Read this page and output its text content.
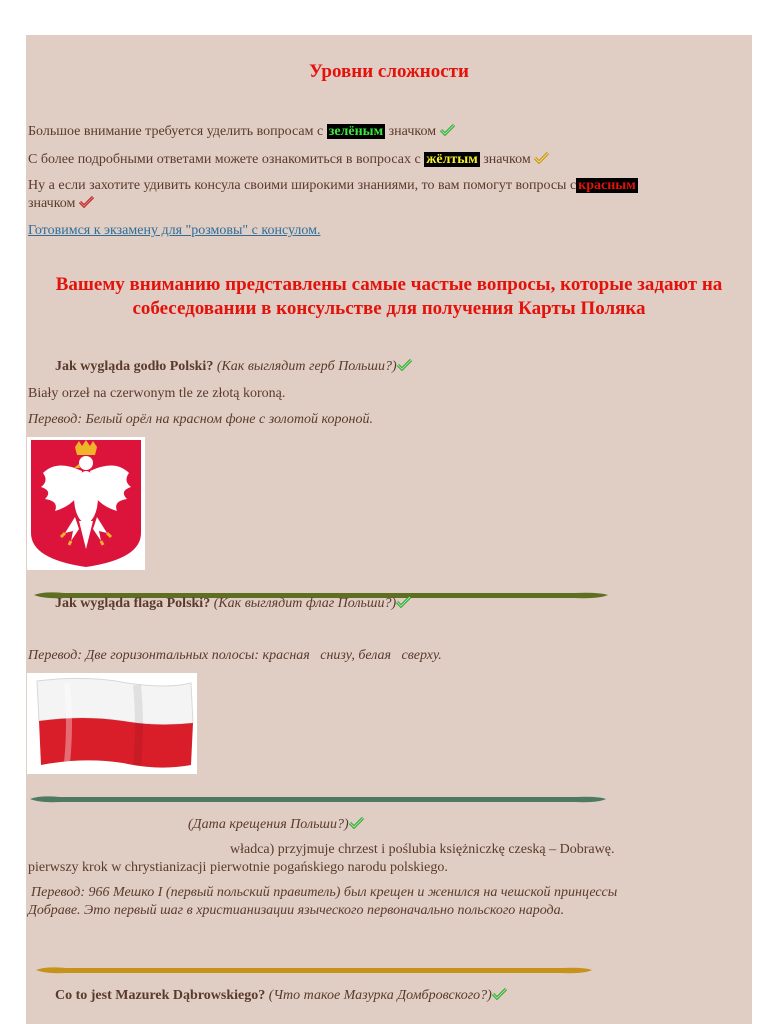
Уровни сложности
Большое внимание требуется уделить вопросам с зелёным значком
С более подробными ответами можете ознакомиться в вопросах с жёлтым значком
Ну а если захотите удивить консула своими широкими знаниями, то вам помогут вопросы с красным значком
Готовимся к экзамену для "розмовы" с консулом.
Вашему вниманию представлены самые частые вопросы, которые задают на собеседовании в консульстве для получения Карты Поляка
Jak wygląda godło Polski? (Как выглядит герб Польши?)
Biały orzeł na czerwonym tle ze złotą koroną.
Перевод: Белый орёл на красном фоне с золотой короной.
Jak wygląda flaga Polski? (Как выглядит флаг Польши?)
Перевод: Две горизонтальных полосы: красная   снизу, белая   сверху.
(Дата крещения Польши?)
władca) przyjmuje chrzest i poślubia księżniczkę czeską – Dobrawę.
pierwszy krok w chrystianizacji pierwotnie pogańskiego narodu polskiego.
Перевод: 966 Мешко I (первый польский правитель) был крещен и женился на чешской принцессы
Добраве. Это первый шаг в христианизации языческого первоначально польского народа.
Co to jest Mazurek Dąbrowskiego? (Что такое Мазурка Домбровского?)
